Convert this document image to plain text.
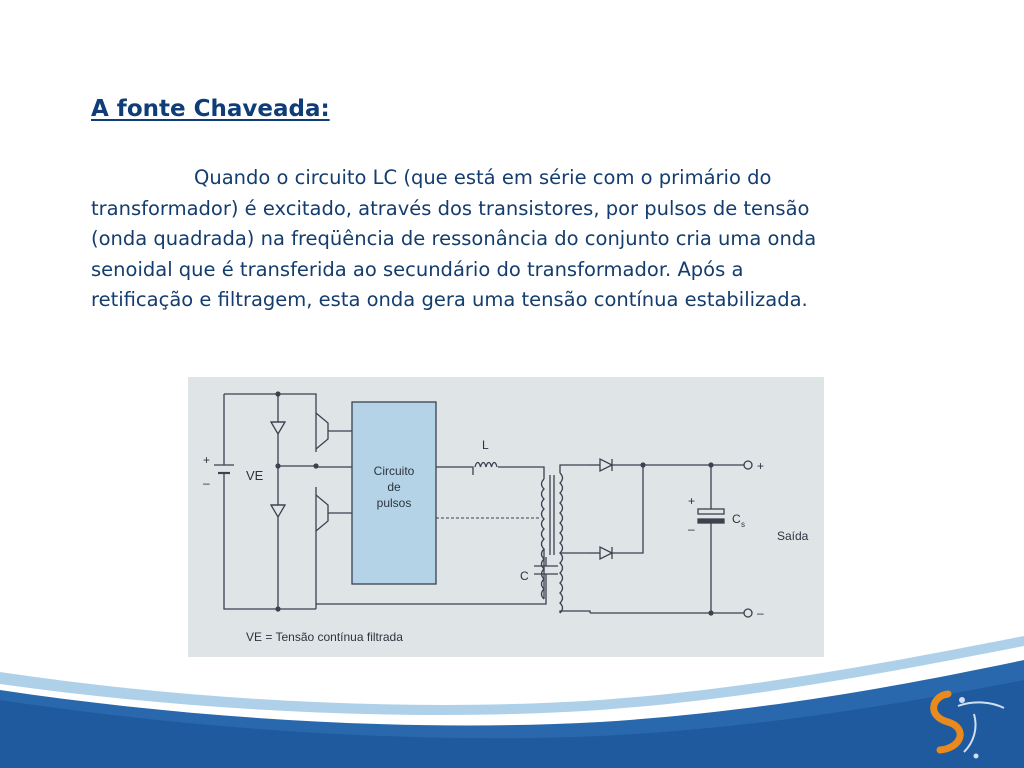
A fonte Chaveada:
Quando o circuito LC (que está em série com o primário do
transformador) é excitado, através dos transistores, por pulsos de tensão
(onda quadrada) na freqüência de ressonância do conjunto cria uma onda
senoidal que é transferida ao secundário do transformador. Após a
retificação e filtragem, esta onda gera uma tensão contínua estabilizada.
+
–	VE	Circuito
de
pulsos
L
C
+
–
C s
+
–
Saída
VE = Tensão contínua filtrada
